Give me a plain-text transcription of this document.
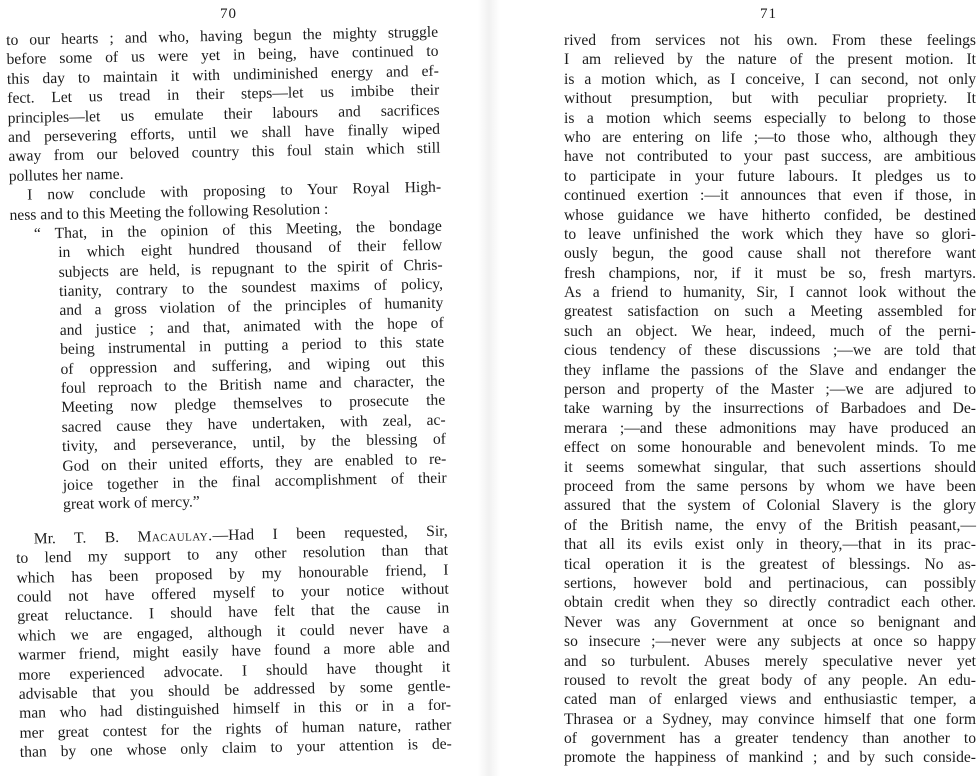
70
to our hearts ; and who, having begun the mighty struggle
before some of us were yet in being, have continued to
this day to maintain it with undiminished energy and ef-
fect. Let us tread in their steps—let us imbibe their
principles—let us emulate their labours and sacrifices
and persevering efforts, until we shall have finally wiped
away from our beloved country this foul stain which still
pollutes her name.
I now conclude with proposing to Your Royal High-
ness and to this Meeting the following Resolution :
“ That, in the opinion of this Meeting, the bondage
in which eight hundred thousand of their fellow
subjects are held, is repugnant to the spirit of Chris-
tianity, contrary to the soundest maxims of policy,
and a gross violation of the principles of humanity
and justice ; and that, animated with the hope of
being instrumental in putting a period to this state
of oppression and suffering, and wiping out this
foul reproach to the British name and character, the
Meeting now pledge themselves to prosecute the
sacred cause they have undertaken, with zeal, ac-
tivity, and perseverance, until, by the blessing of
God on their united efforts, they are enabled to re-
joice together in the final accomplishment of their
great work of mercy.”
Mr. T. B. Macaulay.—Had I been requested, Sir,
to lend my support to any other resolution than that
which has been proposed by my honourable friend, I
could not have offered myself to your notice without
great reluctance. I should have felt that the cause in
which we are engaged, although it could never have a
warmer friend, might easily have found a more able and
more experienced advocate. I should have thought it
advisable that you should be addressed by some gentle-
man who had distinguished himself in this or in a for-
mer great contest for the rights of human nature, rather
than by one whose only claim to your attention is de-
71
rived from services not his own. From these feelings
I am relieved by the nature of the present motion. It
is a motion which, as I conceive, I can second, not only
without presumption, but with peculiar propriety. It
is a motion which seems especially to belong to those
who are entering on life ;—to those who, although they
have not contributed to your past success, are ambitious
to participate in your future labours. It pledges us to
continued exertion :—it announces that even if those, in
whose guidance we have hitherto confided, be destined
to leave unfinished the work which they have so glori-
ously begun, the good cause shall not therefore want
fresh champions, nor, if it must be so, fresh martyrs.
As a friend to humanity, Sir, I cannot look without the
greatest satisfaction on such a Meeting assembled for
such an object. We hear, indeed, much of the perni-
cious tendency of these discussions ;—we are told that
they inflame the passions of the Slave and endanger the
person and property of the Master ;—we are adjured to
take warning by the insurrections of Barbadoes and De-
merara ;—and these admonitions may have produced an
effect on some honourable and benevolent minds. To me
it seems somewhat singular, that such assertions should
proceed from the same persons by whom we have been
assured that the system of Colonial Slavery is the glory
of the British name, the envy of the British peasant,—
that all its evils exist only in theory,—that in its prac-
tical operation it is the greatest of blessings. No as-
sertions, however bold and pertinacious, can possibly
obtain credit when they so directly contradict each other.
Never was any Government at once so benignant and
so insecure ;—never were any subjects at once so happy
and so turbulent. Abuses merely speculative never yet
roused to revolt the great body of any people. An edu-
cated man of enlarged views and enthusiastic temper, a
Thrasea or a Sydney, may convince himself that one form
of government has a greater tendency than another to
promote the happiness of mankind ; and by such conside-
